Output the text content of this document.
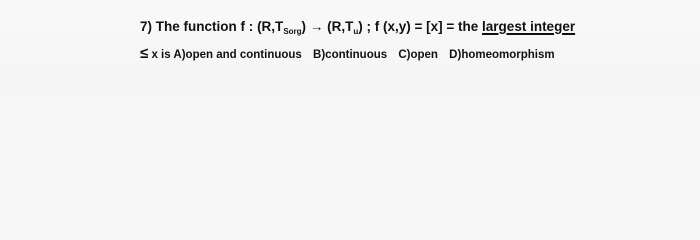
7) The function f : $(R,T_{Sorg}) \to (R,T_u)$ ; f (x,y) = [x] = the largest integer
≤ x is A)open and continuous B)continuous C)open D)homeomorphism
